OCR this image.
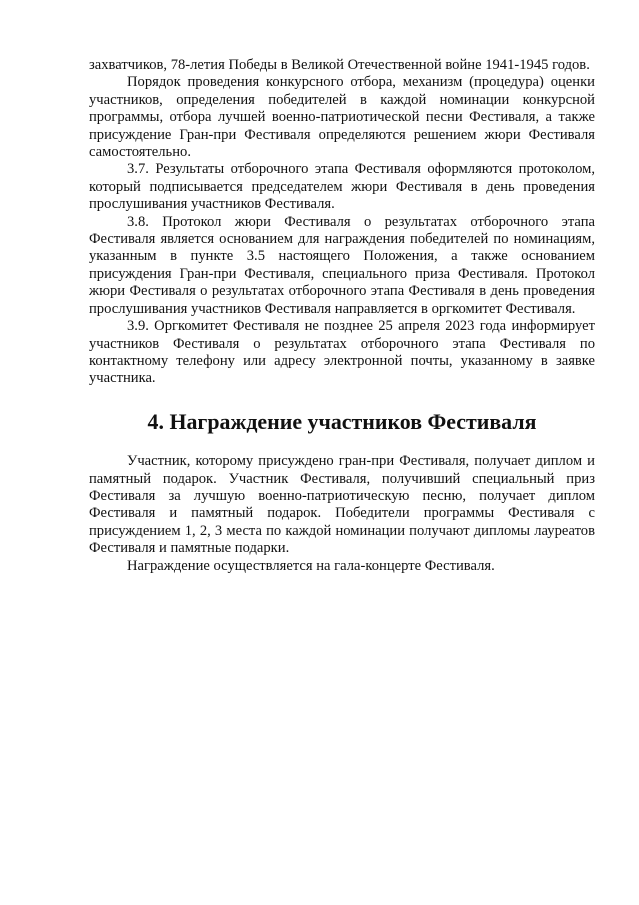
захватчиков, 78-летия Победы в Великой Отечественной войне 1941-1945 годов.

Порядок проведения конкурсного отбора, механизм (процедура) оценки участников, определения победителей в каждой номинации конкурсной программы, отбора лучшей военно-патриотической песни Фестиваля, а также присуждение Гран-при Фестиваля определяются решением жюри Фестиваля самостоятельно.

3.7. Результаты отборочного этапа Фестиваля оформляются протоколом, который подписывается председателем жюри Фестиваля в день проведения прослушивания участников Фестиваля.

3.8. Протокол жюри Фестиваля о результатах отборочного этапа Фестиваля является основанием для награждения победителей по номинациям, указанным в пункте 3.5 настоящего Положения, а также основанием присуждения Гран-при Фестиваля, специального приза Фестиваля. Протокол жюри Фестиваля о результатах отборочного этапа Фестиваля в день проведения прослушивания участников Фестиваля направляется в оргкомитет Фестиваля.

3.9. Оргкомитет Фестиваля не позднее 25 апреля 2023 года информирует участников Фестиваля о результатах отборочного этапа Фестиваля по контактному телефону или адресу электронной почты, указанному в заявке участника.

4. Награждение участников Фестиваля

Участник, которому присуждено гран-при Фестиваля, получает диплом и памятный подарок. Участник Фестиваля, получивший специальный приз Фестиваля за лучшую военно-патриотическую песню, получает диплом Фестиваля и памятный подарок. Победители программы Фестиваля с присуждением 1, 2, 3 места по каждой номинации получают дипломы лауреатов Фестиваля и памятные подарки.

Награждение осуществляется на гала-концерте Фестиваля.
